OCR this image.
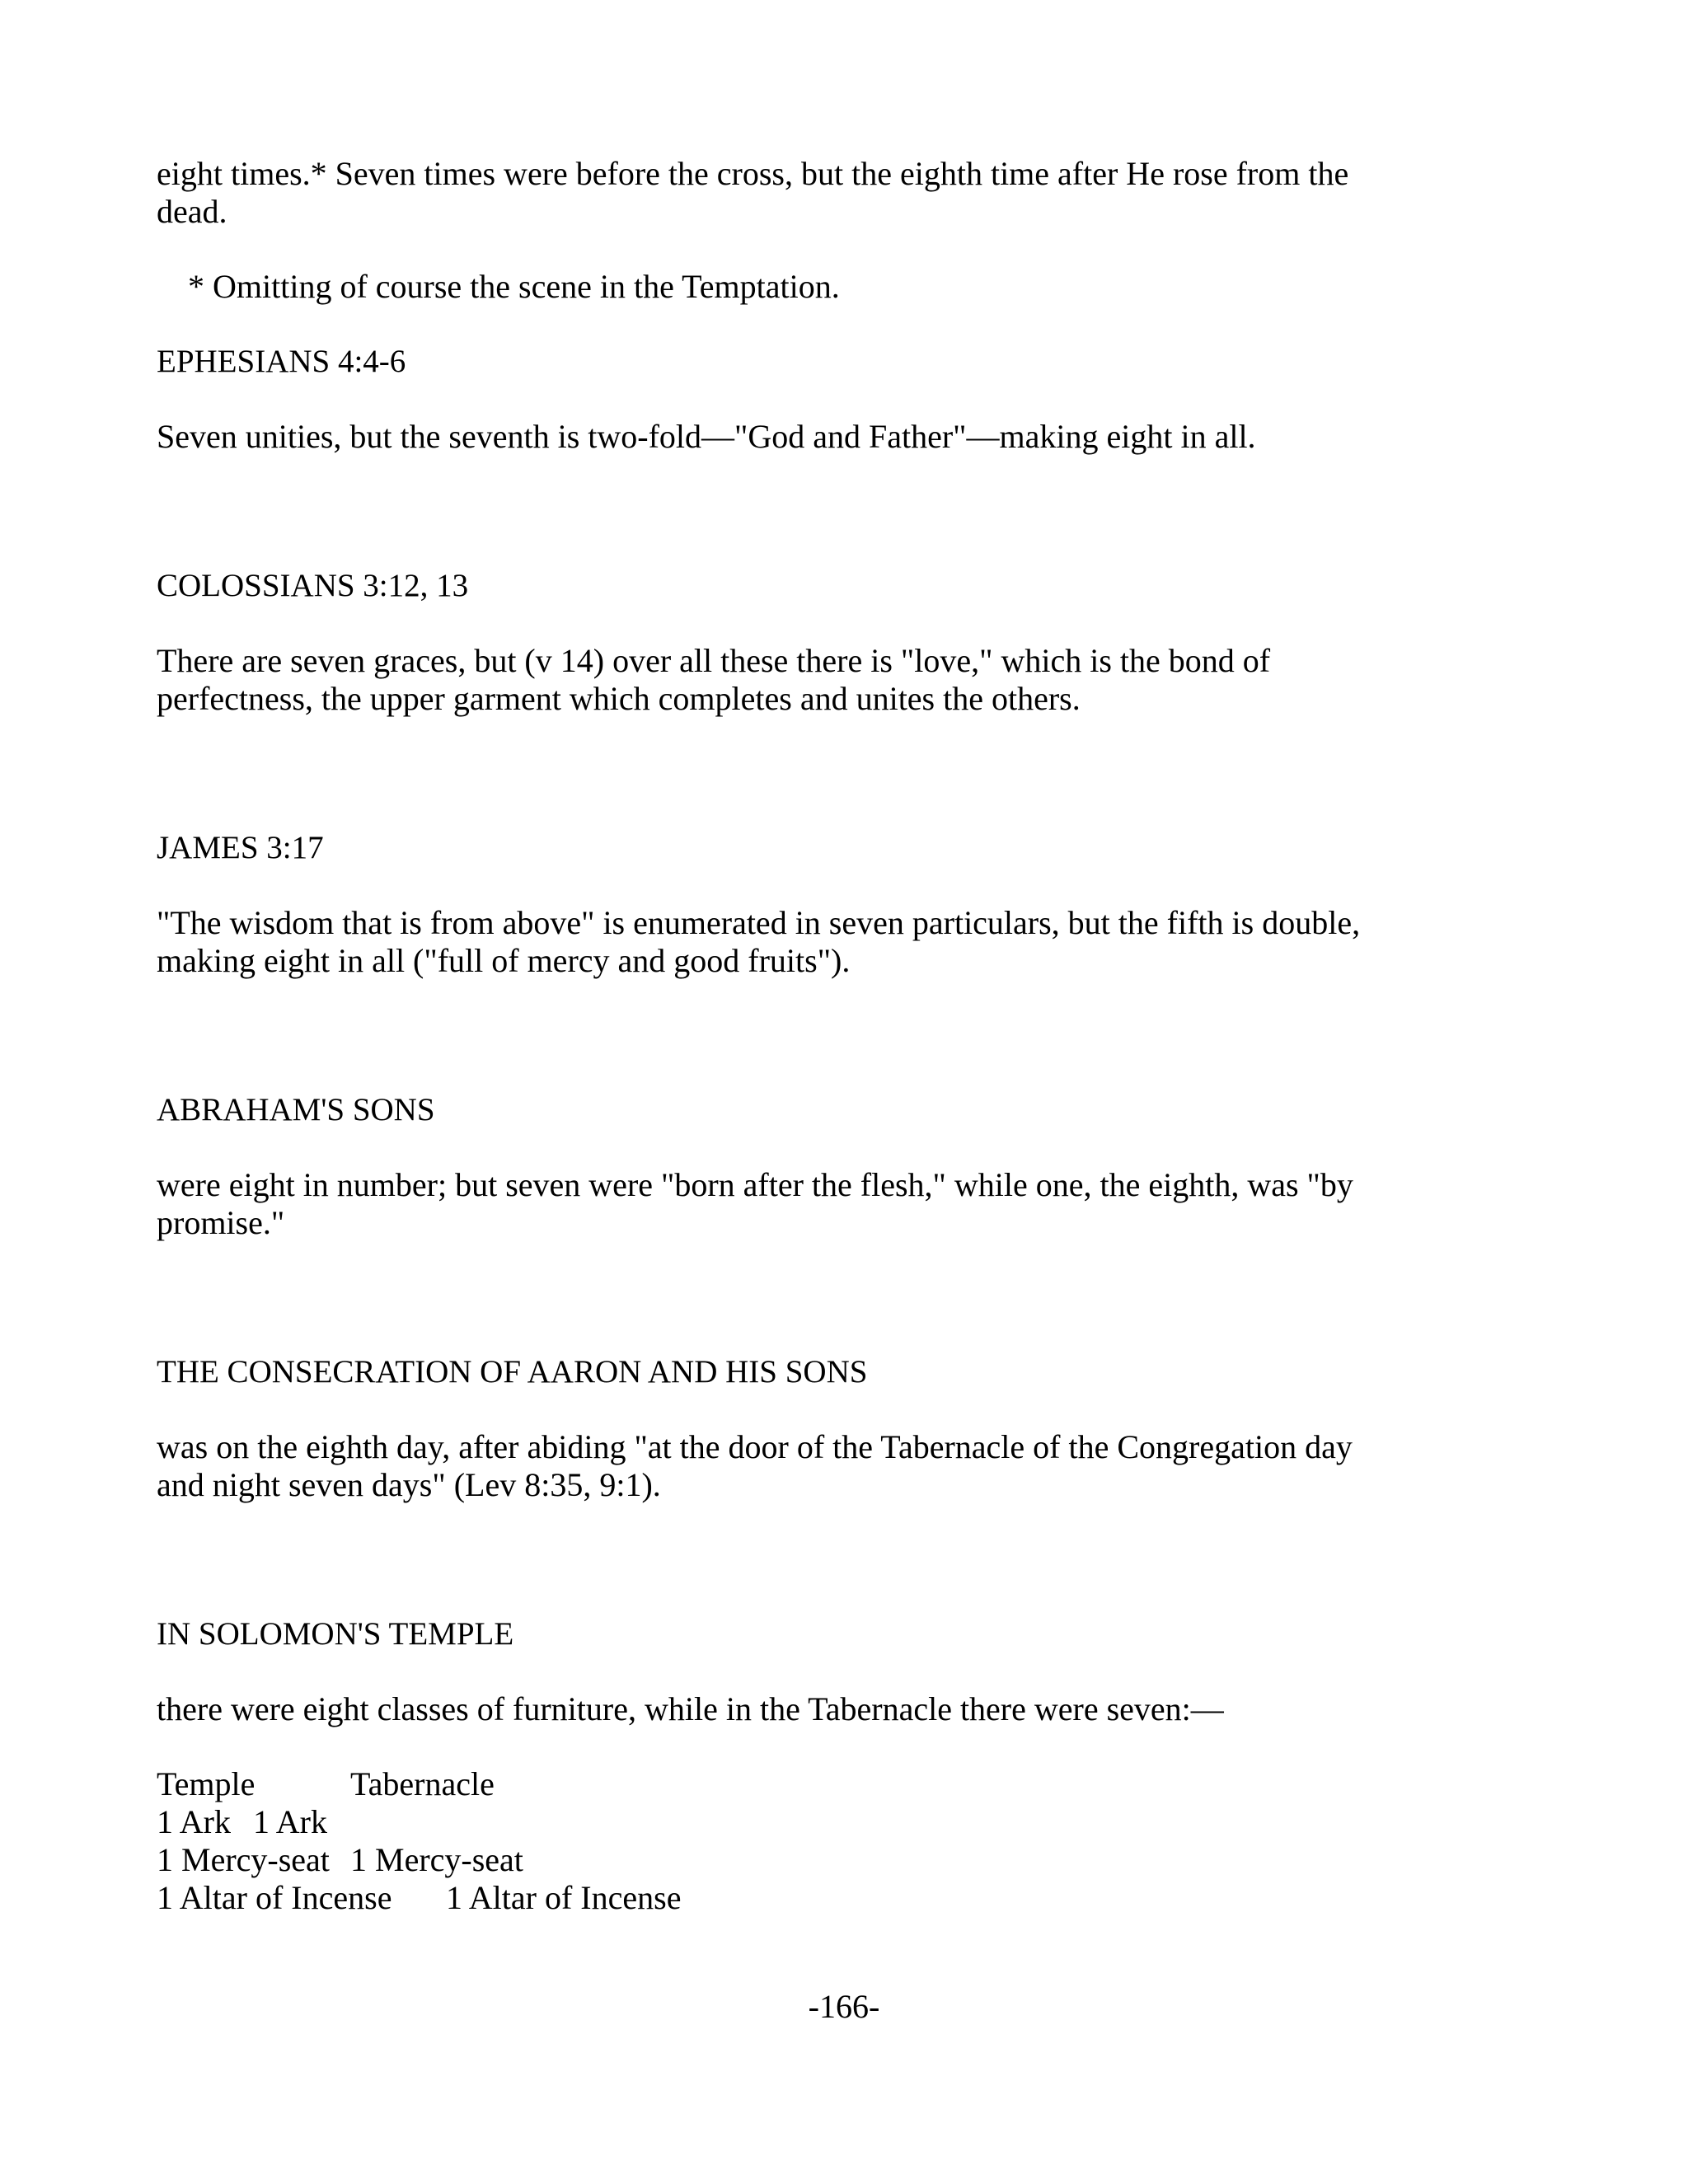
eight times.* Seven times were before the cross, but the eighth time after He rose from the
dead.
* Omitting of course the scene in the Temptation.
EPHESIANS 4:4-6
Seven unities, but the seventh is two-fold—"God and Father"—making eight in all.
COLOSSIANS 3:12, 13
There are seven graces, but (v 14) over all these there is "love," which is the bond of
perfectness, the upper garment which completes and unites the others.
JAMES 3:17
"The wisdom that is from above" is enumerated in seven particulars, but the fifth is double,
making eight in all ("full of mercy and good fruits").
ABRAHAM'S SONS
were eight in number; but seven were "born after the flesh," while one, the eighth, was "by
promise."
THE CONSECRATION OF AARON AND HIS SONS
was on the eighth day, after abiding "at the door of the Tabernacle of the Congregation day
and night seven days" (Lev 8:35, 9:1).
IN SOLOMON'S TEMPLE
there were eight classes of furniture, while in the Tabernacle there were seven:—
Temple	Tabernacle
1 Ark 1 Ark
1 Mercy-seat 1 Mercy-seat
1 Altar of Incense 1 Altar of Incense
-166-
